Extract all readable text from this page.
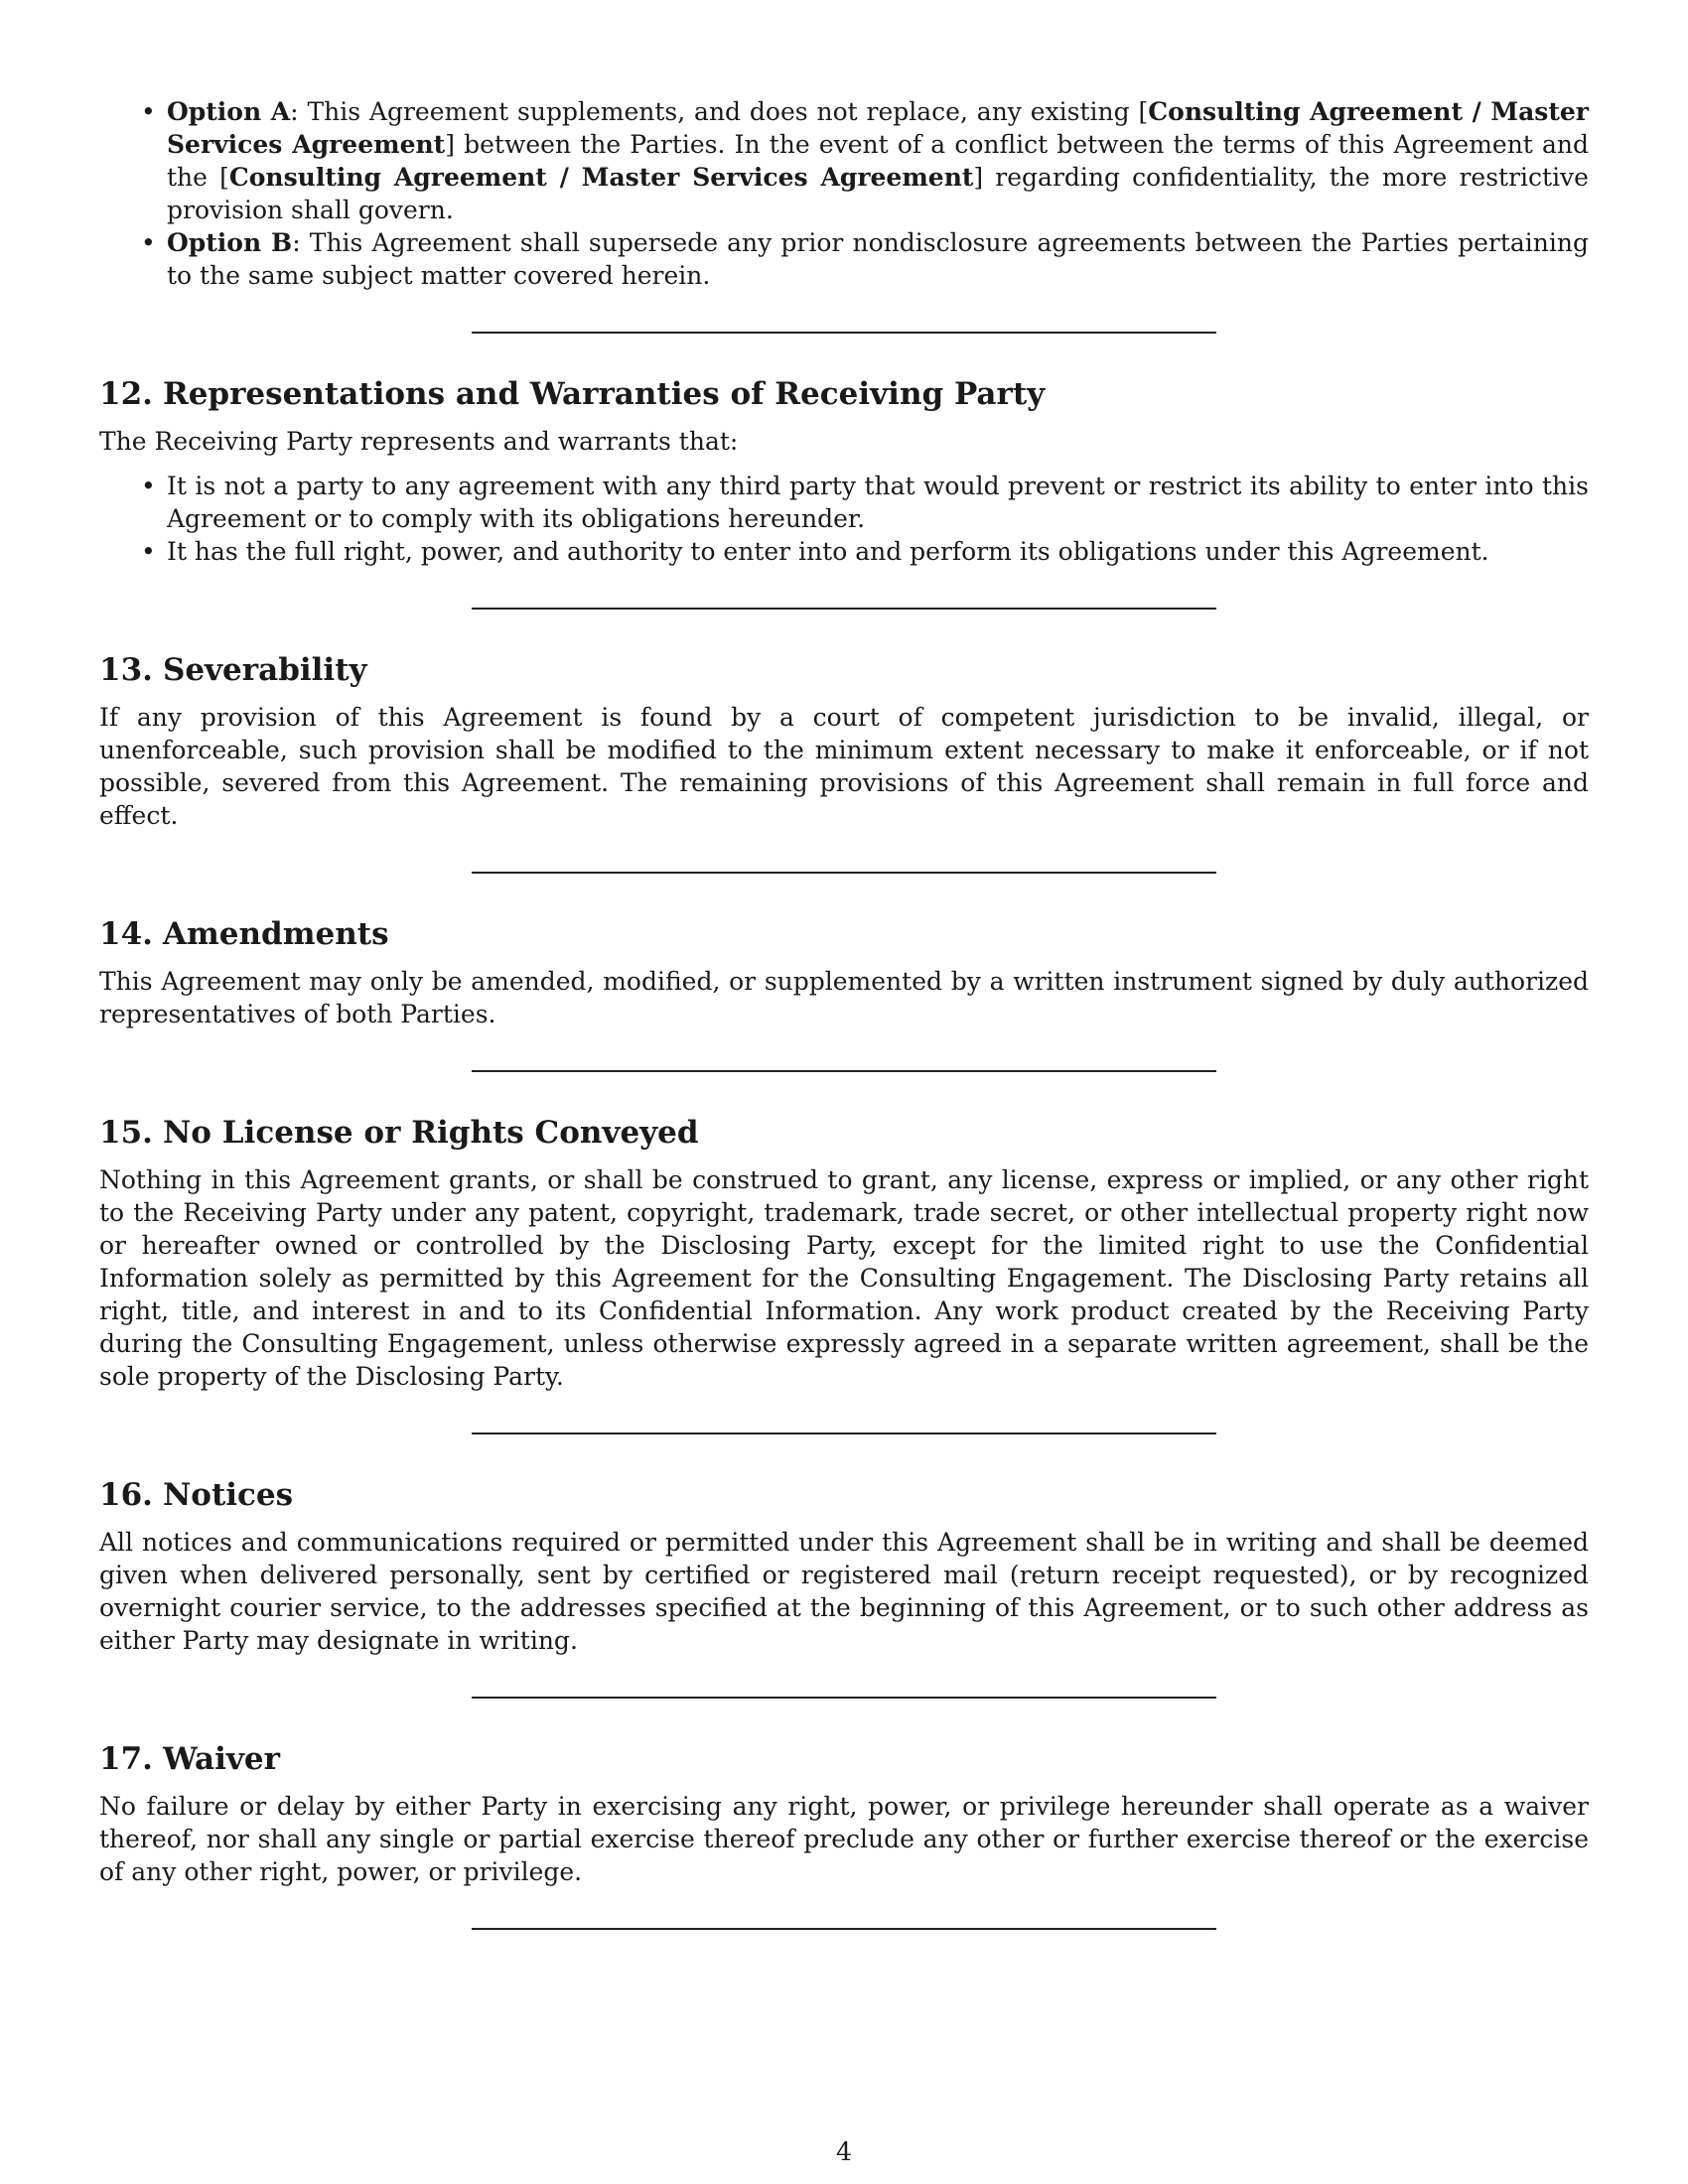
• Option A: This Agreement supplements, and does not replace, any existing [Consulting Agreement / Master Services Agreement] between the Parties. In the event of a conflict between the terms of this Agreement and the [Consulting Agreement / Master Services Agreement] regarding confidentiality, the more restrictive provision shall govern.
• Option B: This Agreement shall supersede any prior nondisclosure agreements between the Parties pertaining to the same subject matter covered herein.
12. Representations and Warranties of Receiving Party

The Receiving Party represents and warrants that:

• It is not a party to any agreement with any third party that would prevent or restrict its ability to enter into this Agreement or to comply with its obligations hereunder.
• It has the full right, power, and authority to enter into and perform its obligations under this Agreement.
13. Severability

If any provision of this Agreement is found by a court of competent jurisdiction to be invalid, illegal, or unenforceable, such provision shall be modified to the minimum extent necessary to make it enforceable, or if not possible, severed from this Agreement. The remaining provisions of this Agreement shall remain in full force and effect.

14. Amendments

This Agreement may only be amended, modified, or supplemented by a written instrument signed by duly authorized representatives of both Parties.

15. No License or Rights Conveyed

Nothing in this Agreement grants, or shall be construed to grant, any license, express or implied, or any other right to the Receiving Party under any patent, copyright, trademark, trade secret, or other intellectual property right now or hereafter owned or controlled by the Disclosing Party, except for the limited right to use the Confidential Information solely as permitted by this Agreement for the Consulting Engagement. The Disclosing Party retains all right, title, and interest in and to its Confidential Information. Any work product created by the Receiving Party during the Consulting Engagement, unless otherwise expressly agreed in a separate written agreement, shall be the sole property of the Disclosing Party.

16. Notices

All notices and communications required or permitted under this Agreement shall be in writing and shall be deemed given when delivered personally, sent by certified or registered mail (return receipt requested), or by recognized overnight courier service, to the addresses specified at the beginning of this Agreement, or to such other address as either Party may designate in writing.

17. Waiver

No failure or delay by either Party in exercising any right, power, or privilege hereunder shall operate as a waiver thereof, nor shall any single or partial exercise thereof preclude any other or further exercise thereof or the exercise of any other right, power, or privilege.

4
